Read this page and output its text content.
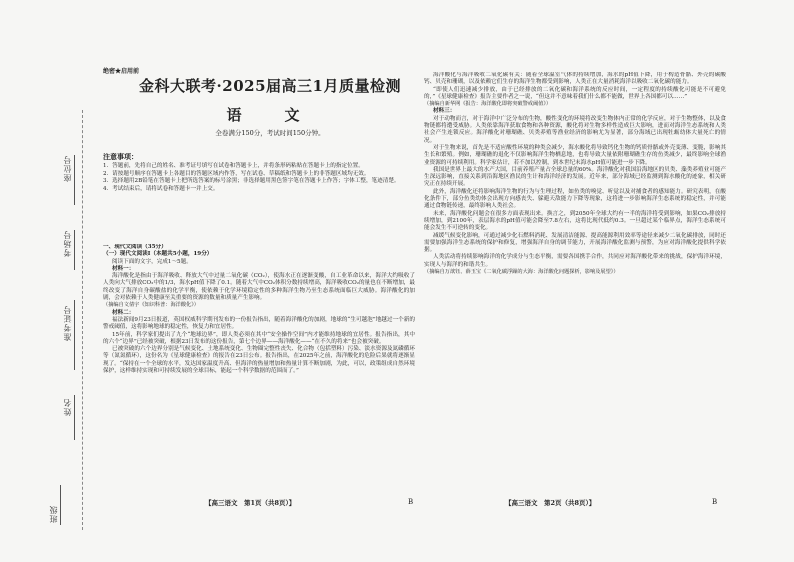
座位号
考场号
准考证号
姓名
班级
绝密★启用前
金科大联考·2025届高三1月质量检测
语　文
全卷满分150分，考试时间150分钟。
注意事项：
1．答题前，先将自己的姓名、准考证号填写在试卷和答题卡上，并将条形码粘贴在答题卡上的指定位置。
2．请按题号顺序在答题卡上各题目的答题区域内作答，写在试卷、草稿纸和答题卡上的非答题区域均无效。
3．选择题用2B铅笔在答题卡上把所选答案的标号涂黑；非选择题用黑色签字笔在答题卡上作答；字体工整，笔迹清楚。
4．考试结束后，请将试卷和答题卡一并上交。

一、现代文阅读（35分）

（一）现代文阅读Ⅰ（本题共5小题，19分）

阅读下面的文字，完成1～5题。

材料一：

海洋酸化是指由于海洋吸收、释放大气中过量二氧化碳（CO₂），使海水正在逐渐变酸，自工业革命以来，海洋大约吸收了人类向大气排放CO₂中的1/3，海水pH值下降了0.1。随着大气中CO₂体积分数持续增高，海洋吸收CO₂的量也在不断增加，最终改变了海洋自身碳酸盐的化学平衡，使依赖于化学环境稳定性的多种海洋生物乃至生态系统面临巨大威胁。海洋酸化的加剧，会对依赖于人类健康至关重要的资源的数量和质量产生影响。

（摘编自文倩宇《知识科普：海洋酸化》）

材料二：

福法新闻9月23日报道，英国权威科学期刊发布的一份报告指出，随着海洋酸化的加剧，地球的“生可越泡”地越过一个新的警戒阈值，这将影响地球的稳定性，恢复力和宜居性。

15年前，科学家们提出了九个“地球边界”，即人类必须在其中“安全操作空间”内才能维持地球的宜居性。报告指出，其中的六个“边界”已经被突破，根据23日发布的这份报告，第七个边界——海洋酸化——“在不久的将来”也会被突破。

已被突破的六个边界分别是气候变化、土地系统变化、生物圈完整性丧失、化合物（包括塑料）污染、淡水资源及氮磷循环等（氮氮循环），这份名为《星球健康检查》的报告在23日公布。报告指出，在2025年之前，海洋酸化的危险后果就将逐渐显现了。“保持在一个全球的水平，发达国家温度升高、但海洋的热量增加和热量计算不断加剧，为此，可以，政策组成自然环境保护，这样维持实现和可持续发展的全球目标，能起一个科学数据的范围而了。”

海洋酸化与海洋吸收二氧化碳有关：随着全球温室气体的持续增加，海水的pH值下降，用于构造骨骼、外壳的碳酸钙、贝壳和珊瑚，以及依赖它们生存的海洋生物都受到影响，人类正在大量消耗海洋以吸收二氧化碳的能力。

“即使人们迅速减少排放，由于已经排放的二氧化碳和海洋系统的反应时间，一定程度的持续酸化可能是不可避免的，”《星球健康检查》报告主要作者之一说，“但这并不意味着我们什么都不能做，世界上各国都可以……”

（摘编自新华网《报告：海洋酸化即将突破警戒阈值》）

材料三：

对于动物而言，对于海洋中广泛分布的生物，酸性变化的环境将改变生物体内正常的化学反应，对于生物整体，以及食物链都将遭受威胁。人类依靠海洋获取食物和各种资源，酸化将对生物多样性造成巨大影响，进而对海洋生态系统和人类社会产生连锁反应。海洋酸化对珊瑚礁、贝类养殖等渔业经济的影响尤为显著，部分海域已出现牡蛎幼体大量死亡的情况。

对于生物来说，首先是不适应酸性环境的种类会减少，海水酸化将导致钙化生物的钙质骨骼或外壳变薄、变脆，影响其生长和繁殖。例如，珊瑚礁的退化不仅影响海洋生物栖息地，也将导致大量依附珊瑚礁生存的鱼类减少，最终影响全球渔业资源的可持续利用。科学家估计，若不加以控制，到本世纪末海水pH值可能进一步下降。

我国是世界上最大的水产大国，目前养殖产量占全球总量的60%。海洋酸化对我国沿海地区的贝类、藻类养殖业可能产生深远影响，直接关系到沿海地区渔民的生计和海洋经济的发展。近年来，部分海域已经监测到海水酸化的迹象，相关研究正在持续开展。

此外，海洋酸化还将影响海洋生物的行为与生理过程，如鱼类的嗅觉、听觉以及对捕食者的感知能力。研究表明，在酸化条件下，部分鱼类幼体会出现方向感丧失、躲避天敌能力下降等现象，这将进一步影响海洋生态系统的稳定性，并可能通过食物链传递，最终影响人类社会。

未来，海洋酸化问题会在很多方面表现出来。换言之，到2050年全球大约有一半的海洋将受到影响，如果CO₂排放持续增加，到2100年，表层海水的pH值可能会降至7.8左右，这将比现代低约0.3。一旦超过某个临界点，海洋生态系统可能会发生不可逆转的变化。

减缓气候变化影响，可通过减少化石燃料消耗、发展清洁能源、提高能源利用效率等途径来减少二氧化碳排放，同时还需要加强海洋生态系统的保护和修复，增强海洋自身的调节能力，开展海洋酸化监测与预警，为应对海洋酸化提供科学依据。

人类活动将持续影响海洋的化学成分与生态平衡，需要各国携手合作，共同应对海洋酸化带来的挑战，保护海洋环境，实现人与海洋的和谐共生。

（摘编自万歆钰、薛玉宝《二氧化碳浮躁的大海：海洋酸化问题探析，影响及展望》）

【高三语文　第1页（共8页）】	B	【高三语文　第2页（共8页）】	B
